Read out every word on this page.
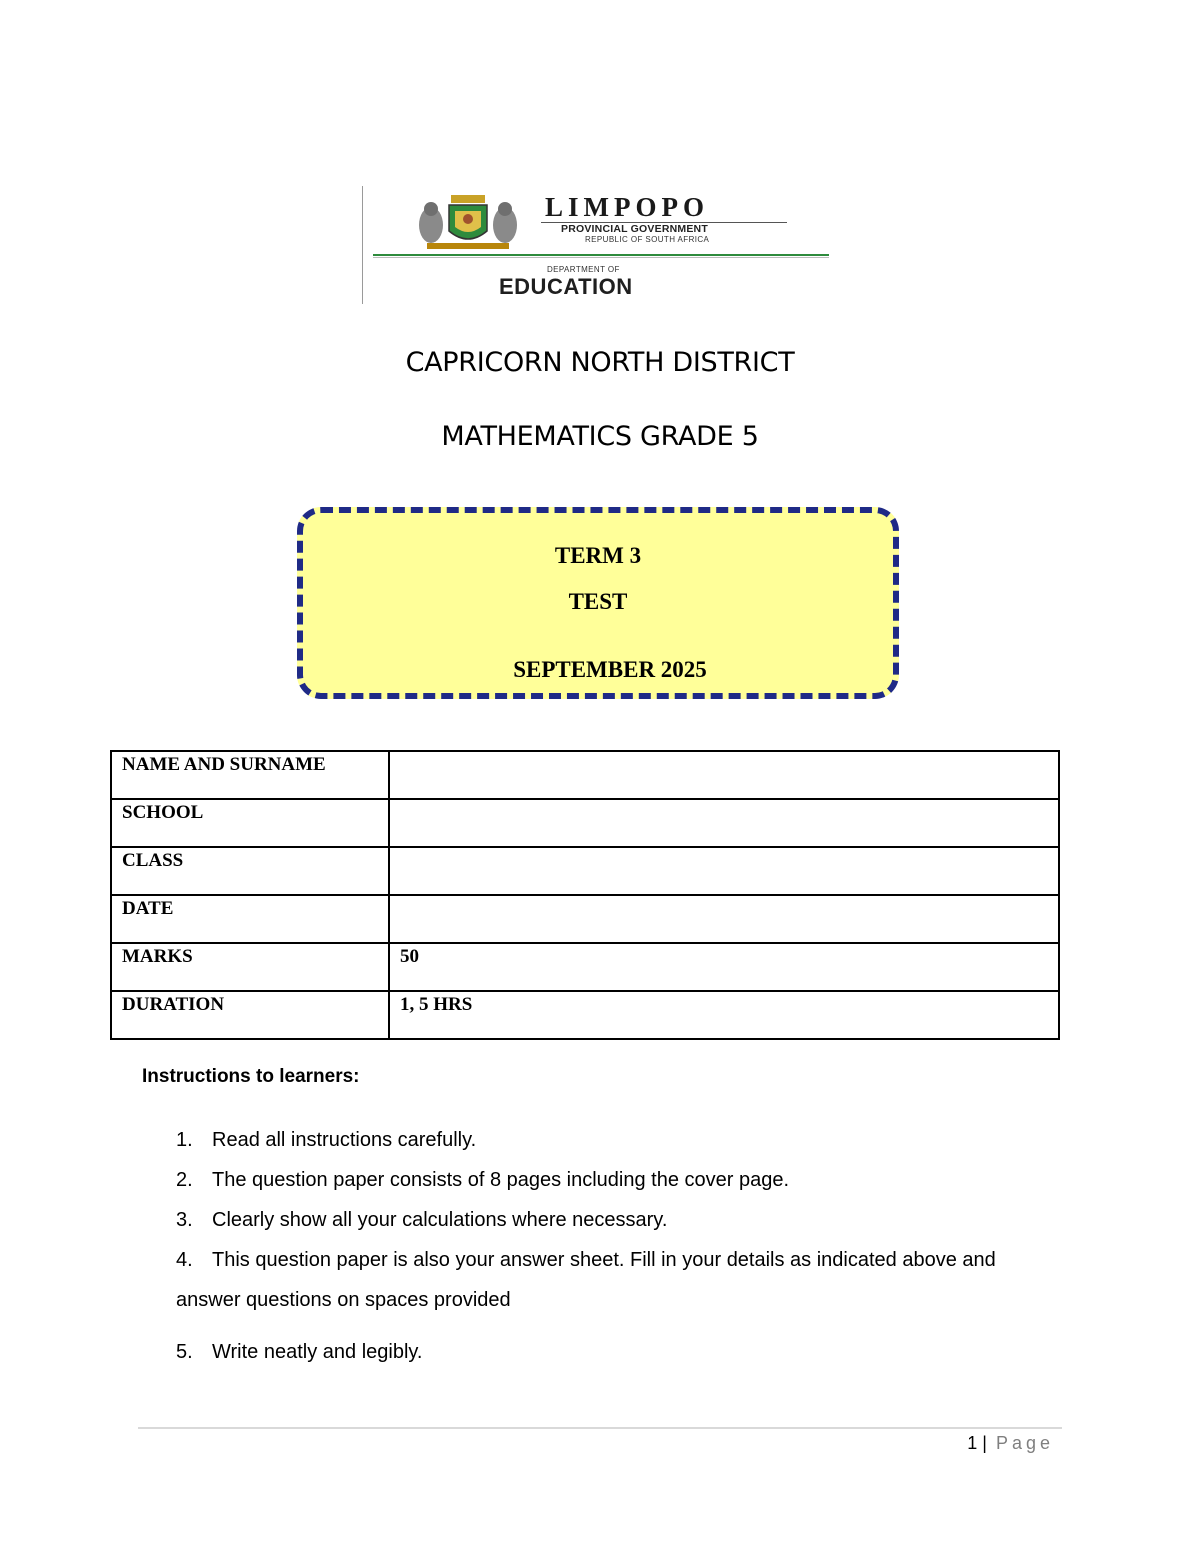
LIMPOPO
PROVINCIAL GOVERNMENT
REPUBLIC OF SOUTH AFRICA
DEPARTMENT OF
EDUCATION
CAPRICORN NORTH DISTRICT
MATHEMATICS GRADE 5
TERM 3
TEST
SEPTEMBER 2025
NAME AND SURNAME	
SCHOOL	
CLASS	
DATE	
MARKS	50
DURATION	1, 5 HRS
Instructions to learners:
1. Read all instructions carefully.
2. The question paper consists of 8 pages including the cover page.
3. Clearly show all your calculations where necessary.
4. This question paper is also your answer sheet. Fill in your details as indicated above and answer questions on spaces provided
5. Write neatly and legibly.
1 | Page
